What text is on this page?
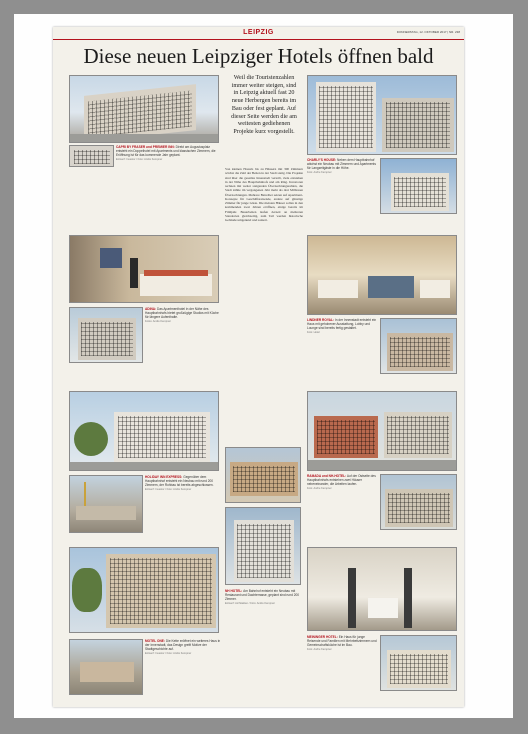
LEIPZIG	DONNERSTAG, 12. OKTOBER 2017 | NR. 238
Diese neuen Leipziger Hotels öffnen bald
CAPRI BY FRASER und PREMIER INN: Direkt am Augustusplatz entsteht ein Doppelhotel mit Apartments und klassischen Zimmern, die Eröffnung ist für das kommende Jahr geplant.
Entwurf: Investor / Foto: Andre Kempner
Weil die Touristenzahlen immer weiter steigen, sind in Leipzig aktuell fast 20 neue Herbergen bereits im Bau oder fest geplant. Auf dieser Seite werden die am weitesten gediehenen Projekte kurz vorgestellt.
Von kleinen Hostels bis zu Häusern mit 300 Zimmern wächst die Zahl der Betten in der Stadt stetig. Die Projekte sind über die gesamte Innenstadt verteilt, viele entstehen in der Nähe des Hauptbahnhofs und am Ring. Investoren rechnen mit weiter steigenden Übernachtungszahlen, die Stadt zählte im vergangenen Jahr mehr als drei Millionen Übernachtungen. Mehrere Betreiber setzen auf Apartment-Konzepte für Geschäftsreisende, andere auf günstige Zimmer für junge Gäste. Die meisten Häuser sollen in den kommenden zwei Jahren eröffnen, einige bereits im Frühjahr. Bauarbeiten laufen derzeit an mehreren Standorten gleichzeitig, zum Teil werden historische Gebäude umgenutzt und saniert.
CHARLY'S HOUSE: Neben dem Hauptbahnhof wächst ein Neubau mit Zimmern und Apartments für Langzeitgäste in die Höhe.
Foto: Andre Kempner
ADINA: Das Apartmenthotel in der Nähe des Hauptbahnhofs bietet großzügige Studios mit Küche für längere Aufenthalte.
Fotos: Andre Kempner	LINDNER ROYAL: In der Innenstadt entsteht ein Haus mit gehobener Ausstattung, Lobby und Lounge sind bereits fertig gestaltet.
Foto: Hotel
HOLIDAY INN EXPRESS: Gegenüber dem Hauptbahnhof entsteht ein Neubau mit rund 200 Zimmern, der Rohbau ist bereits abgeschlossen.
Entwurf: Investor / Foto: Andre Kempner
RAMADA und NH-HOTEL: Auf der Ostseite des Hauptbahnhofs entstehen zwei Häuser nebeneinander, die Arbeiten laufen.
Foto: Andre Kempner
MOTEL ONE: Die Kette eröffnet ein weiteres Haus in der Innenstadt, das Design greift Motive der Stadtgeschichte auf.
Entwurf: Investor / Foto: Andre Kempner
NH HOTEL: Am Bahnhof entsteht ein Neubau mit Restaurant und Dachterrasse, geplant sind rund 200 Zimmer.
Entwurf: Architekten / Foto: Andre Kempner
MEININGER HOTEL: Ein Haus für junge Reisende und Familien mit Mehrbettzimmern und Gemeinschaftsküche ist im Bau.
Foto: Andre Kempner
